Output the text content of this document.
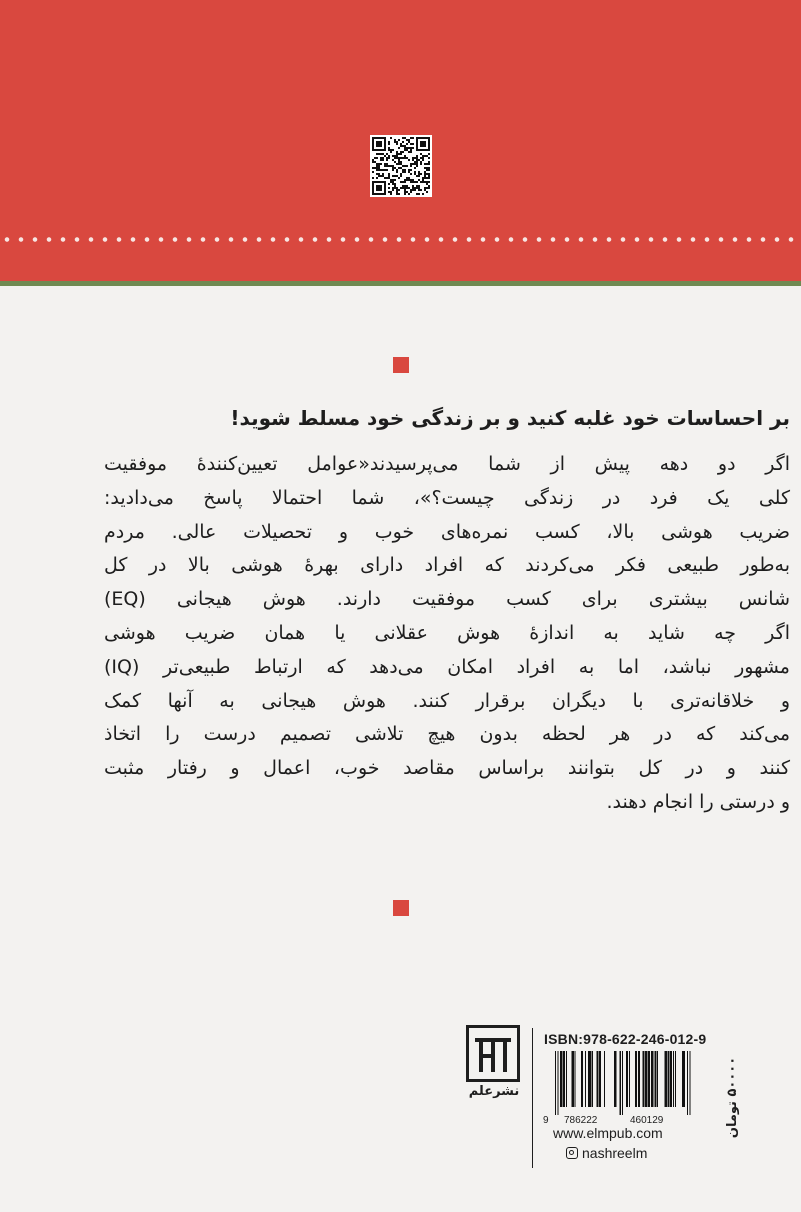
بر احساسات خود غلبه کنید و بر زندگی خود مسلط شوید!
اگر دو دهه پیش از شما می‌پرسیدند«عوامل تعیین‌کنندهٔ موفقیت
کلی یک فرد در زندگی چیست؟»، شما احتمالا پاسخ می‌دادید:
ضریب هوشی بالا، کسب نمره‌های خوب و تحصیلات عالی. مردم
به‌طور طبیعی فکر می‌کردند که افراد دارای بهرهٔ هوشی بالا در کل
شانس بیشتری برای کسب موفقیت دارند. هوش هیجانی (EQ)
اگر چه شاید به اندازهٔ هوش عقلانی یا همان ضریب هوشی
(IQ) مشهور نباشد، اما به افراد امکان می‌دهد که ارتباط طبیعی‌تر
و خلاقانه‌تری با دیگران برقرار کنند. هوش هیجانی به آنها کمک
می‌کند که در هر لحظه بدون هیچ تلاشی تصمیم درست را اتخاذ
کنند و در کل بتوانند براساس مقاصد خوب، اعمال و رفتار مثبت
و درستی را انجام دهند.
نشرعلم
ISBN:978-622-246-012-9
9 786222	460129	۵۰۰۰۰ تومان
www.elmpub.com
nashreelm
